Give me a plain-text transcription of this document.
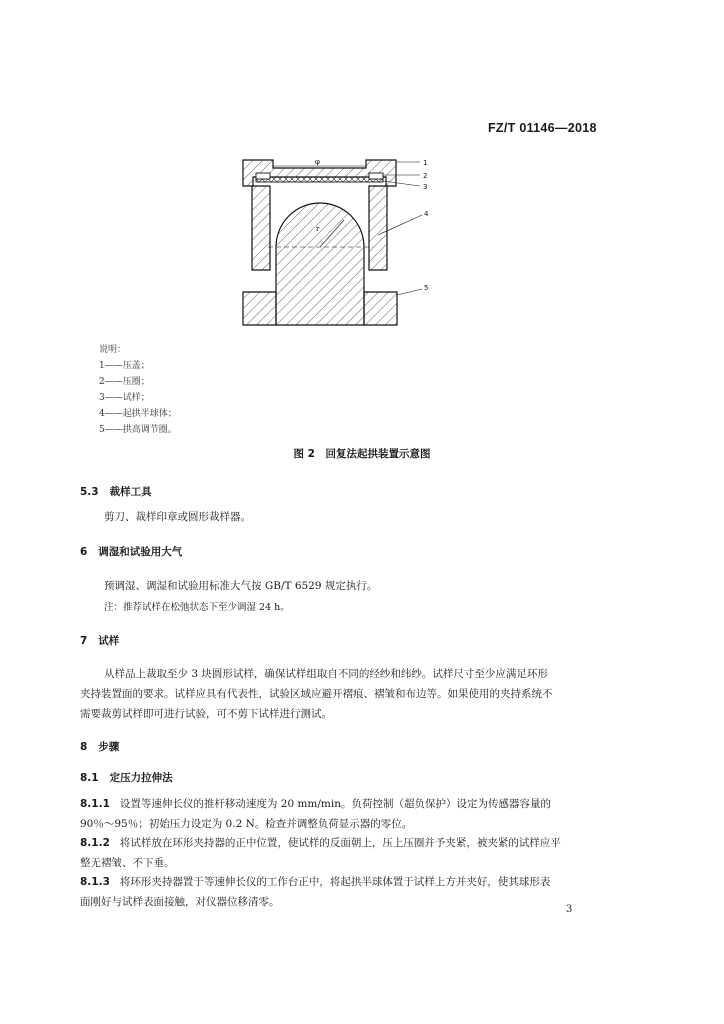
FZ/T 01146—2018
r
φ	1
2
3
4
5
说明：
1——压盖；
2——压圈；
3——试样；
4——起拱半球体；
5——拱高调节圈。
图 2　回复法起拱装置示意图
5.3 裁样工具
剪刀、裁样印章或圆形裁样器。
6 调湿和试验用大气
预调湿、调湿和试验用标准大气按 GB/T 6529 规定执行。
注：推荐试样在松弛状态下至少调湿 24 h。
7 试样
从样品上裁取至少 3 块圆形试样，确保试样组取自不同的经纱和纬纱。试样尺寸至少应满足环形
夹持装置面的要求。试样应具有代表性，试验区域应避开褶痕、褶皱和布边等。如果使用的夹持系统不
需要裁剪试样即可进行试验，可不剪下试样进行测试。
8 步骤
8.1 定压力拉伸法
8.1.1 设置等速伸长仪的推杆移动速度为 20 mm/min。负荷控制（超负保护）设定为传感器容量的
90％～95％；初始压力设定为 0.2 N。检查并调整负荷显示器的零位。
8.1.2 将试样放在环形夹持器的正中位置，使试样的反面朝上，压上压圈并予夹紧，被夹紧的试样应平
整无褶皱、不下垂。
8.1.3 将环形夹持器置于等速伸长仪的工作台正中，将起拱半球体置于试样上方并夹好，使其球形表
面刚好与试样表面接触，对仪器位移清零。
3
